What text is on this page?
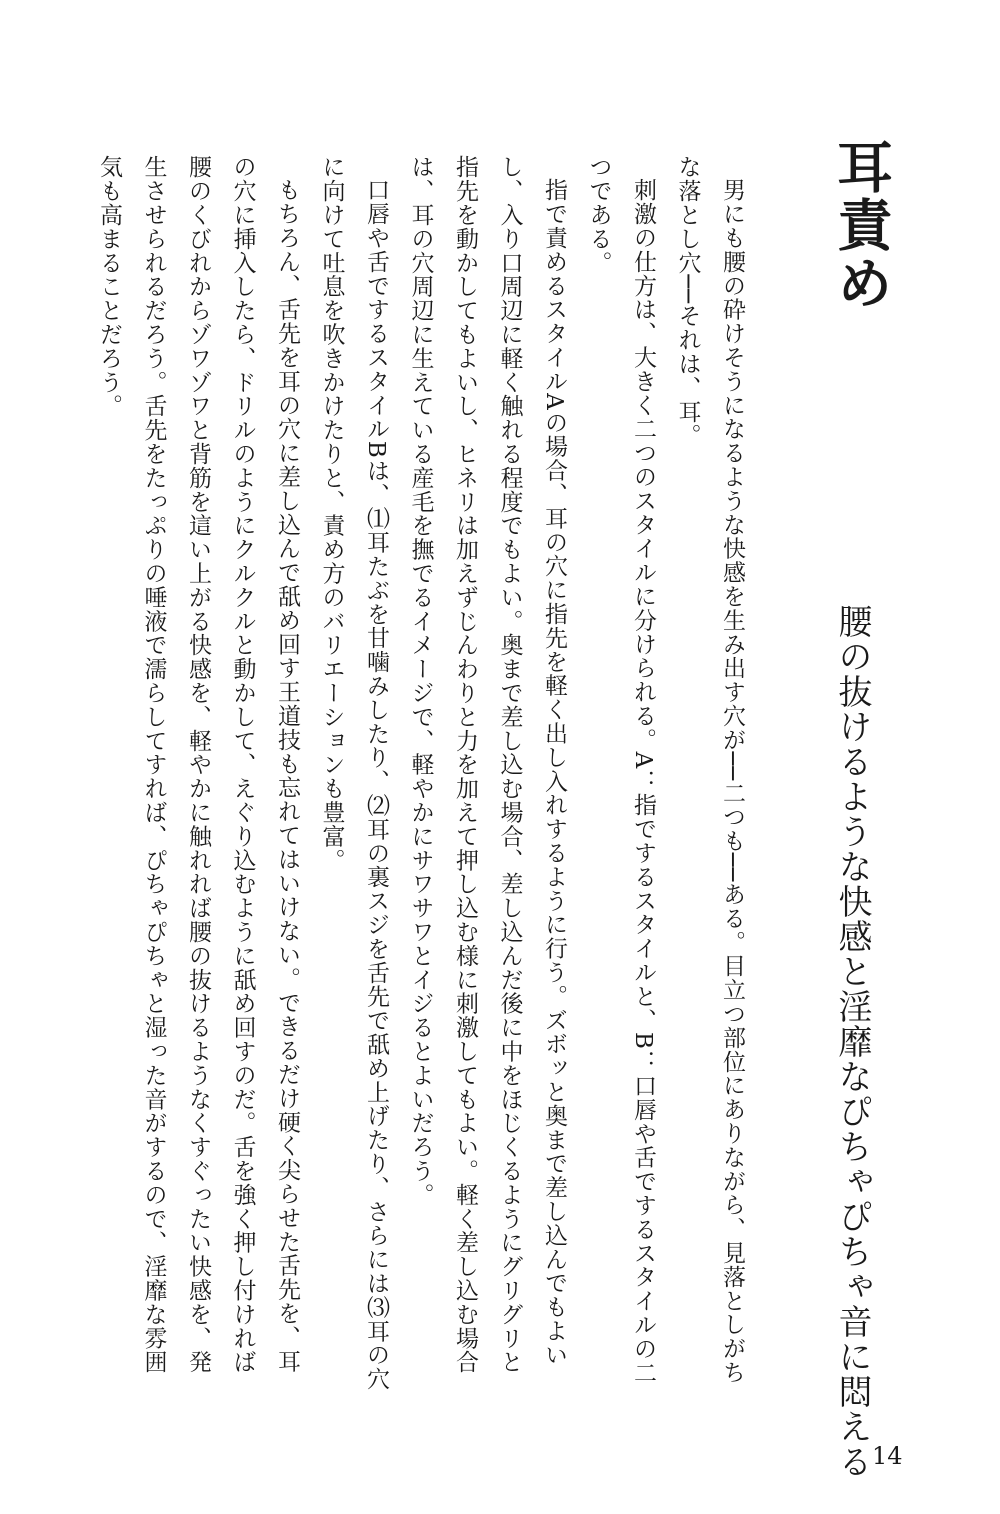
耳責め
腰の抜けるような快感と淫靡なぴちゃぴちゃ音に悶える

男にも腰の砕けそうになるような快感を生み出す穴が──二つも──ある。目立つ部位にありながら、見落としがちな落とし穴──それは、耳。

刺激の仕方は、大きく二つのスタイルに分けられる。A：指でするスタイルと、B：口唇や舌でするスタイルの二つである。

指で責めるスタイルAの場合、耳の穴に指先を軽く出し入れするように行う。ズボッと奥まで差し込んでもよいし、入り口周辺に軽く触れる程度でもよい。奥まで差し込む場合、差し込んだ後に中をほじくるようにグリグリと指先を動かしてもよいし、ヒネリは加えずじんわりと力を加えて押し込む様に刺激してもよい。軽く差し込む場合は、耳の穴周辺に生えている産毛を撫でるイメージで、軽やかにサワサワとイジるとよいだろう。

口唇や舌でするスタイルBは、⑴耳たぶを甘噛みしたり、⑵耳の裏スジを舌先で舐め上げたり、さらには⑶耳の穴に向けて吐息を吹きかけたりと、責め方のバリエーションも豊富。

もちろん、舌先を耳の穴に差し込んで舐め回す王道技も忘れてはいけない。できるだけ硬く尖らせた舌先を、耳の穴に挿入したら、ドリルのようにクルクルと動かして、えぐり込むように舐め回すのだ。舌を強く押し付ければ腰のくびれからゾワゾワと背筋を這い上がる快感を、軽やかに触れれば腰の抜けるようなくすぐったい快感を、発生させられるだろう。舌先をたっぷりの唾液で濡らしてすれば、ぴちゃぴちゃと湿った音がするので、淫靡な雰囲気も高まることだろう。

14
